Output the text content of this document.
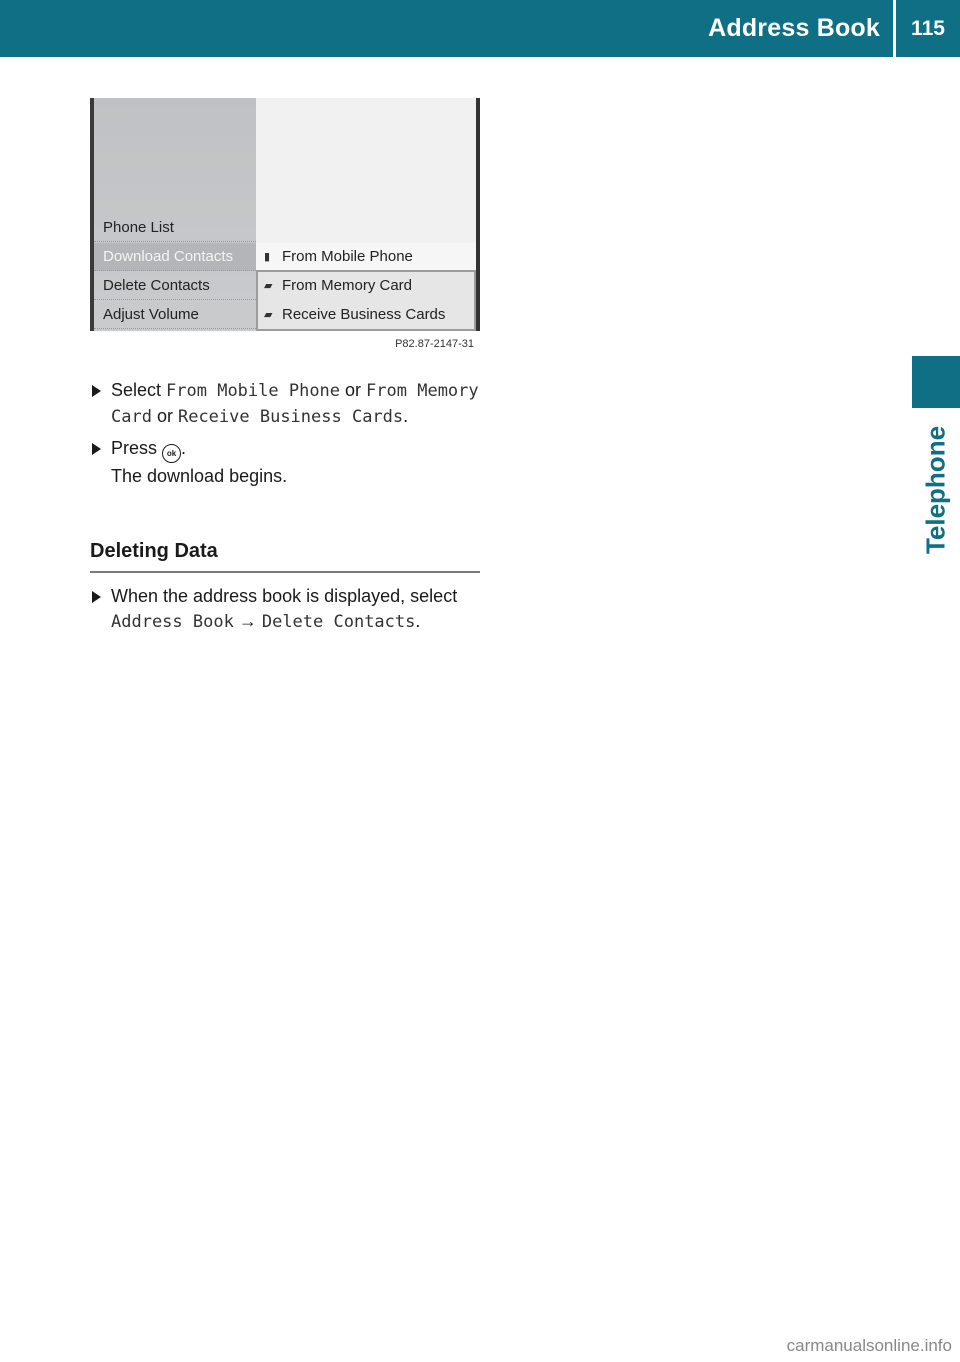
Address Book	115
Telephone
Phone List
Download Contacts
Delete Contacts
Adjust Volume
▮ From Mobile Phone
▰ From Memory Card
▰ Receive Business Cards
P82.87-2147-31
Select From Mobile Phone or From Memory Card or Receive Business Cards.
Press ok .
The download begins.
Deleting Data
When the address book is displayed, select Address Book → Delete Contacts.
carmanualsonline.info
